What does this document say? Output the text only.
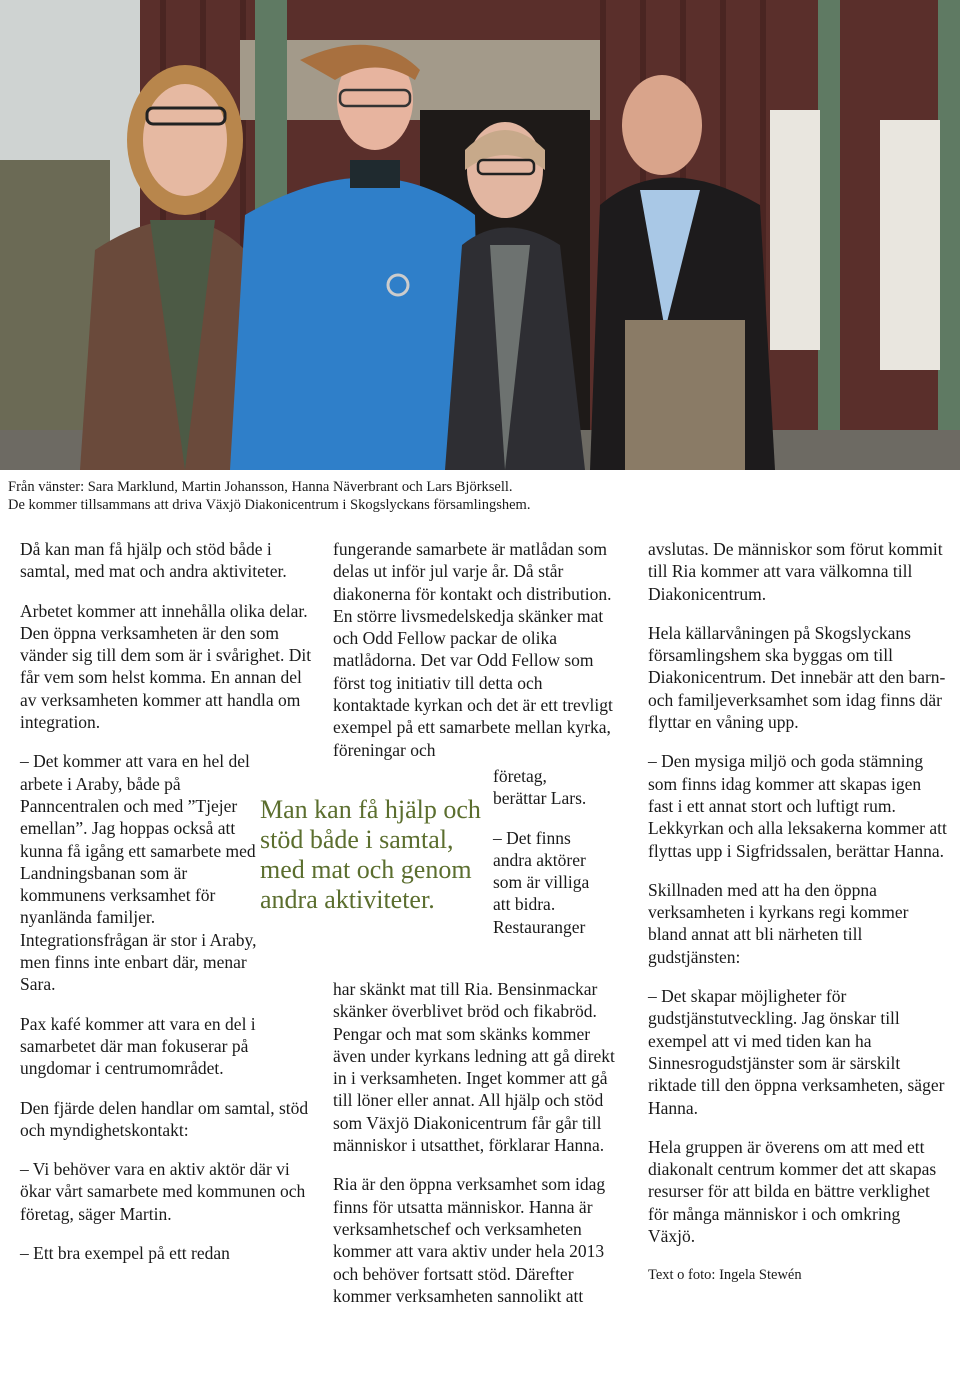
Från vänster: Sara Marklund, Martin Johansson, Hanna Näverbrant och Lars Björksell.

De kommer tillsammans att driva Växjö Diakonicentrum i Skogslyckans församlingshem.

Då kan man få hjälp och stöd både i samtal, med mat och andra aktiviteter.

Arbetet kommer att innehålla olika delar. Den öppna verksamheten är den som vänder sig till dem som är i svårighet. Dit får vem som helst komma. En annan del av verksamheten kommer att handla om integration.

– Det kommer att vara en hel del arbete i Araby, både på Panncentralen och med ”Tjejer emellan”. Jag hoppas också att kunna få igång ett samarbete med Landningsbanan som är kommunens verksamhet för nyanlända familjer. Integrationsfrågan är stor i Araby, men finns inte enbart där, menar Sara.

Pax kafé kommer att vara en del i samarbetet där man fokuserar på ungdomar i centrumområdet.

Den fjärde delen handlar om samtal, stöd och myndighetskontakt:

– Vi behöver vara en aktiv aktör där vi ökar vårt samarbete med kommunen och företag, säger Martin.

– Ett bra exempel på ett redan

fungerande samarbete är matlådan som delas ut inför jul varje år. Då står diakonerna för kontakt och distribution. En större livsmedelskedja skänker mat och Odd Fellow packar de olika matlådorna. Det var Odd Fellow som först tog initiativ till detta och kontaktade kyrkan och det är ett trevligt exempel på ett samarbete mellan kyrka, föreningar och

företag, berättar Lars.

– Det finns andra aktörer som är villiga att bidra. Restauranger

Man kan få hjälp och stöd både i samtal, med mat och genom andra aktiviteter.

har skänkt mat till Ria. Bensinmackar skänker överblivet bröd och fikabröd. Pengar och mat som skänks kommer även under kyrkans ledning att gå direkt in i verksamheten. Inget kommer att gå till löner eller annat. All hjälp och stöd som Växjö Diakonicentrum får går till människor i utsatthet, förklarar Hanna.

Ria är den öppna verksamhet som idag finns för utsatta människor. Hanna är verksamhetschef och verksamheten kommer att vara aktiv under hela 2013 och behöver fortsatt stöd. Därefter kommer verksamheten sannolikt att

avslutas. De människor som förut kommit till Ria kommer att vara välkomna till Diakonicentrum.

Hela källarvåningen på Skogslyckans församlingshem ska byggas om till Diakonicentrum. Det innebär att den barn- och familjeverksamhet som idag finns där flyttar en våning upp.

– Den mysiga miljö och goda stämning som finns idag kommer att skapas igen fast i ett annat stort och luftigt rum. Lekkyrkan och alla leksakerna kommer att flyttas upp i Sigfridssalen, berättar Hanna.

Skillnaden med att ha den öppna verksamheten i kyrkans regi kommer bland annat att bli närheten till gudstjänsten:

– Det skapar möjligheter för gudstjänstutveckling. Jag önskar till exempel att vi med tiden kan ha Sinnesrogudstjänster som är särskilt riktade till den öppna verksamheten, säger Hanna.

Hela gruppen är överens om att med ett diakonalt centrum kommer det att skapas resurser för att bilda en bättre verklighet för många människor i och omkring Växjö.

Text o foto: Ingela Stewén
